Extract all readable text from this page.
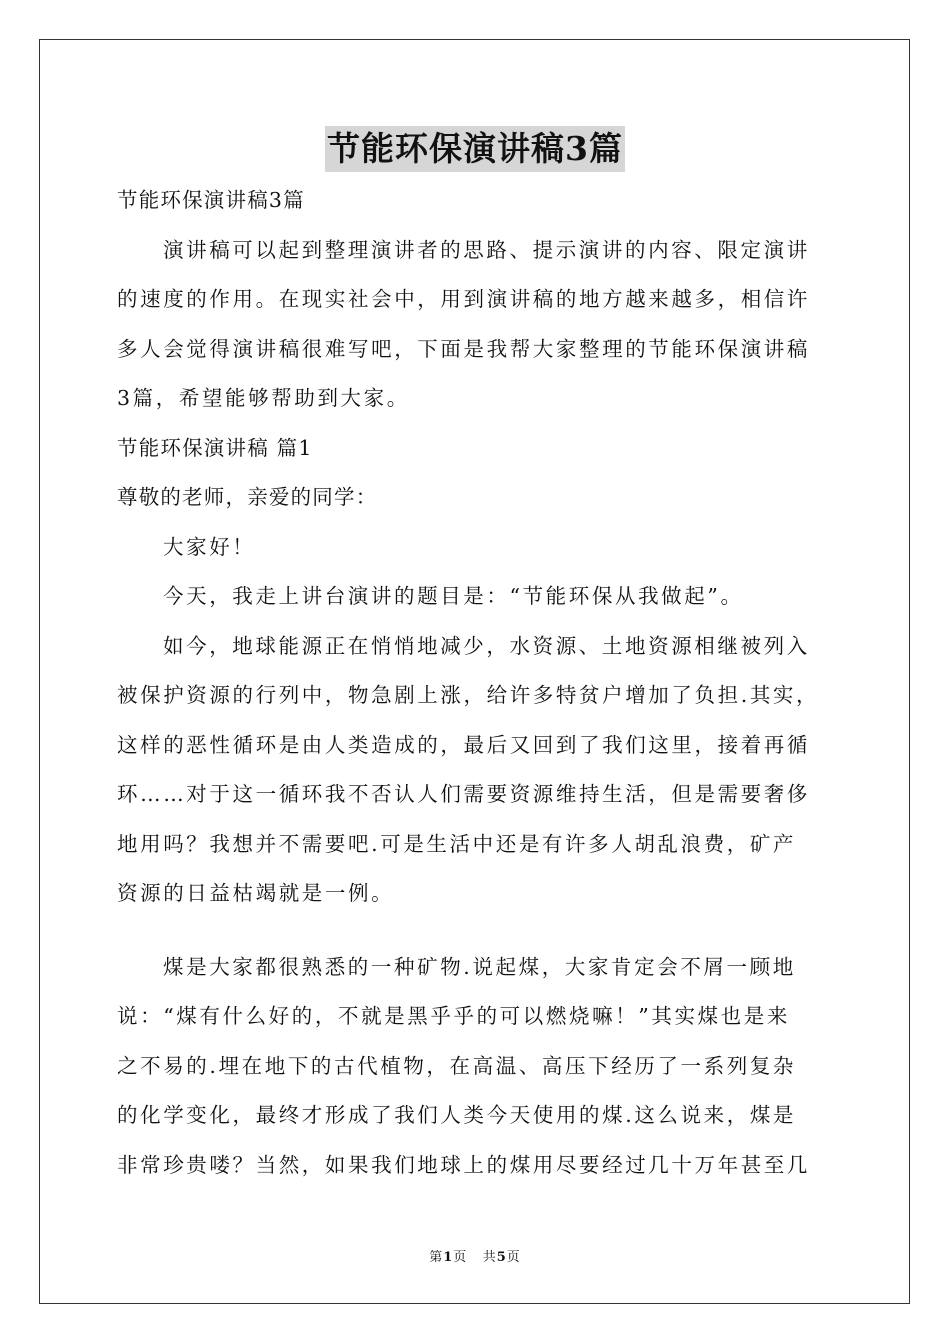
节能环保演讲稿3篇
节能环保演讲稿3篇
演讲稿可以起到整理演讲者的思路、提示演讲的内容、限定演讲
的速度的作用。在现实社会中，用到演讲稿的地方越来越多，相信许
多人会觉得演讲稿很难写吧，下面是我帮大家整理的节能环保演讲稿
3篇，希望能够帮助到大家。
节能环保演讲稿 篇1
尊敬的老师，亲爱的同学：
大家好！
今天，我走上讲台演讲的题目是：“节能环保从我做起”。
如今，地球能源正在悄悄地减少，水资源、土地资源相继被列入
被保护资源的行列中，物急剧上涨，给许多特贫户增加了负担.其实，
这样的恶性循环是由人类造成的，最后又回到了我们这里，接着再循
环……对于这一循环我不否认人们需要资源维持生活，但是需要奢侈
地用吗？我想并不需要吧.可是生活中还是有许多人胡乱浪费，矿产
资源的日益枯竭就是一例。
煤是大家都很熟悉的一种矿物.说起煤，大家肯定会不屑一顾地
说：“煤有什么好的，不就是黑乎乎的可以燃烧嘛！”其实煤也是来
之不易的.埋在地下的古代植物，在高温、高压下经历了一系列复杂
的化学变化，最终才形成了我们人类今天使用的煤.这么说来，煤是
非常珍贵喽？当然，如果我们地球上的煤用尽要经过几十万年甚至几
第1页 共5页
